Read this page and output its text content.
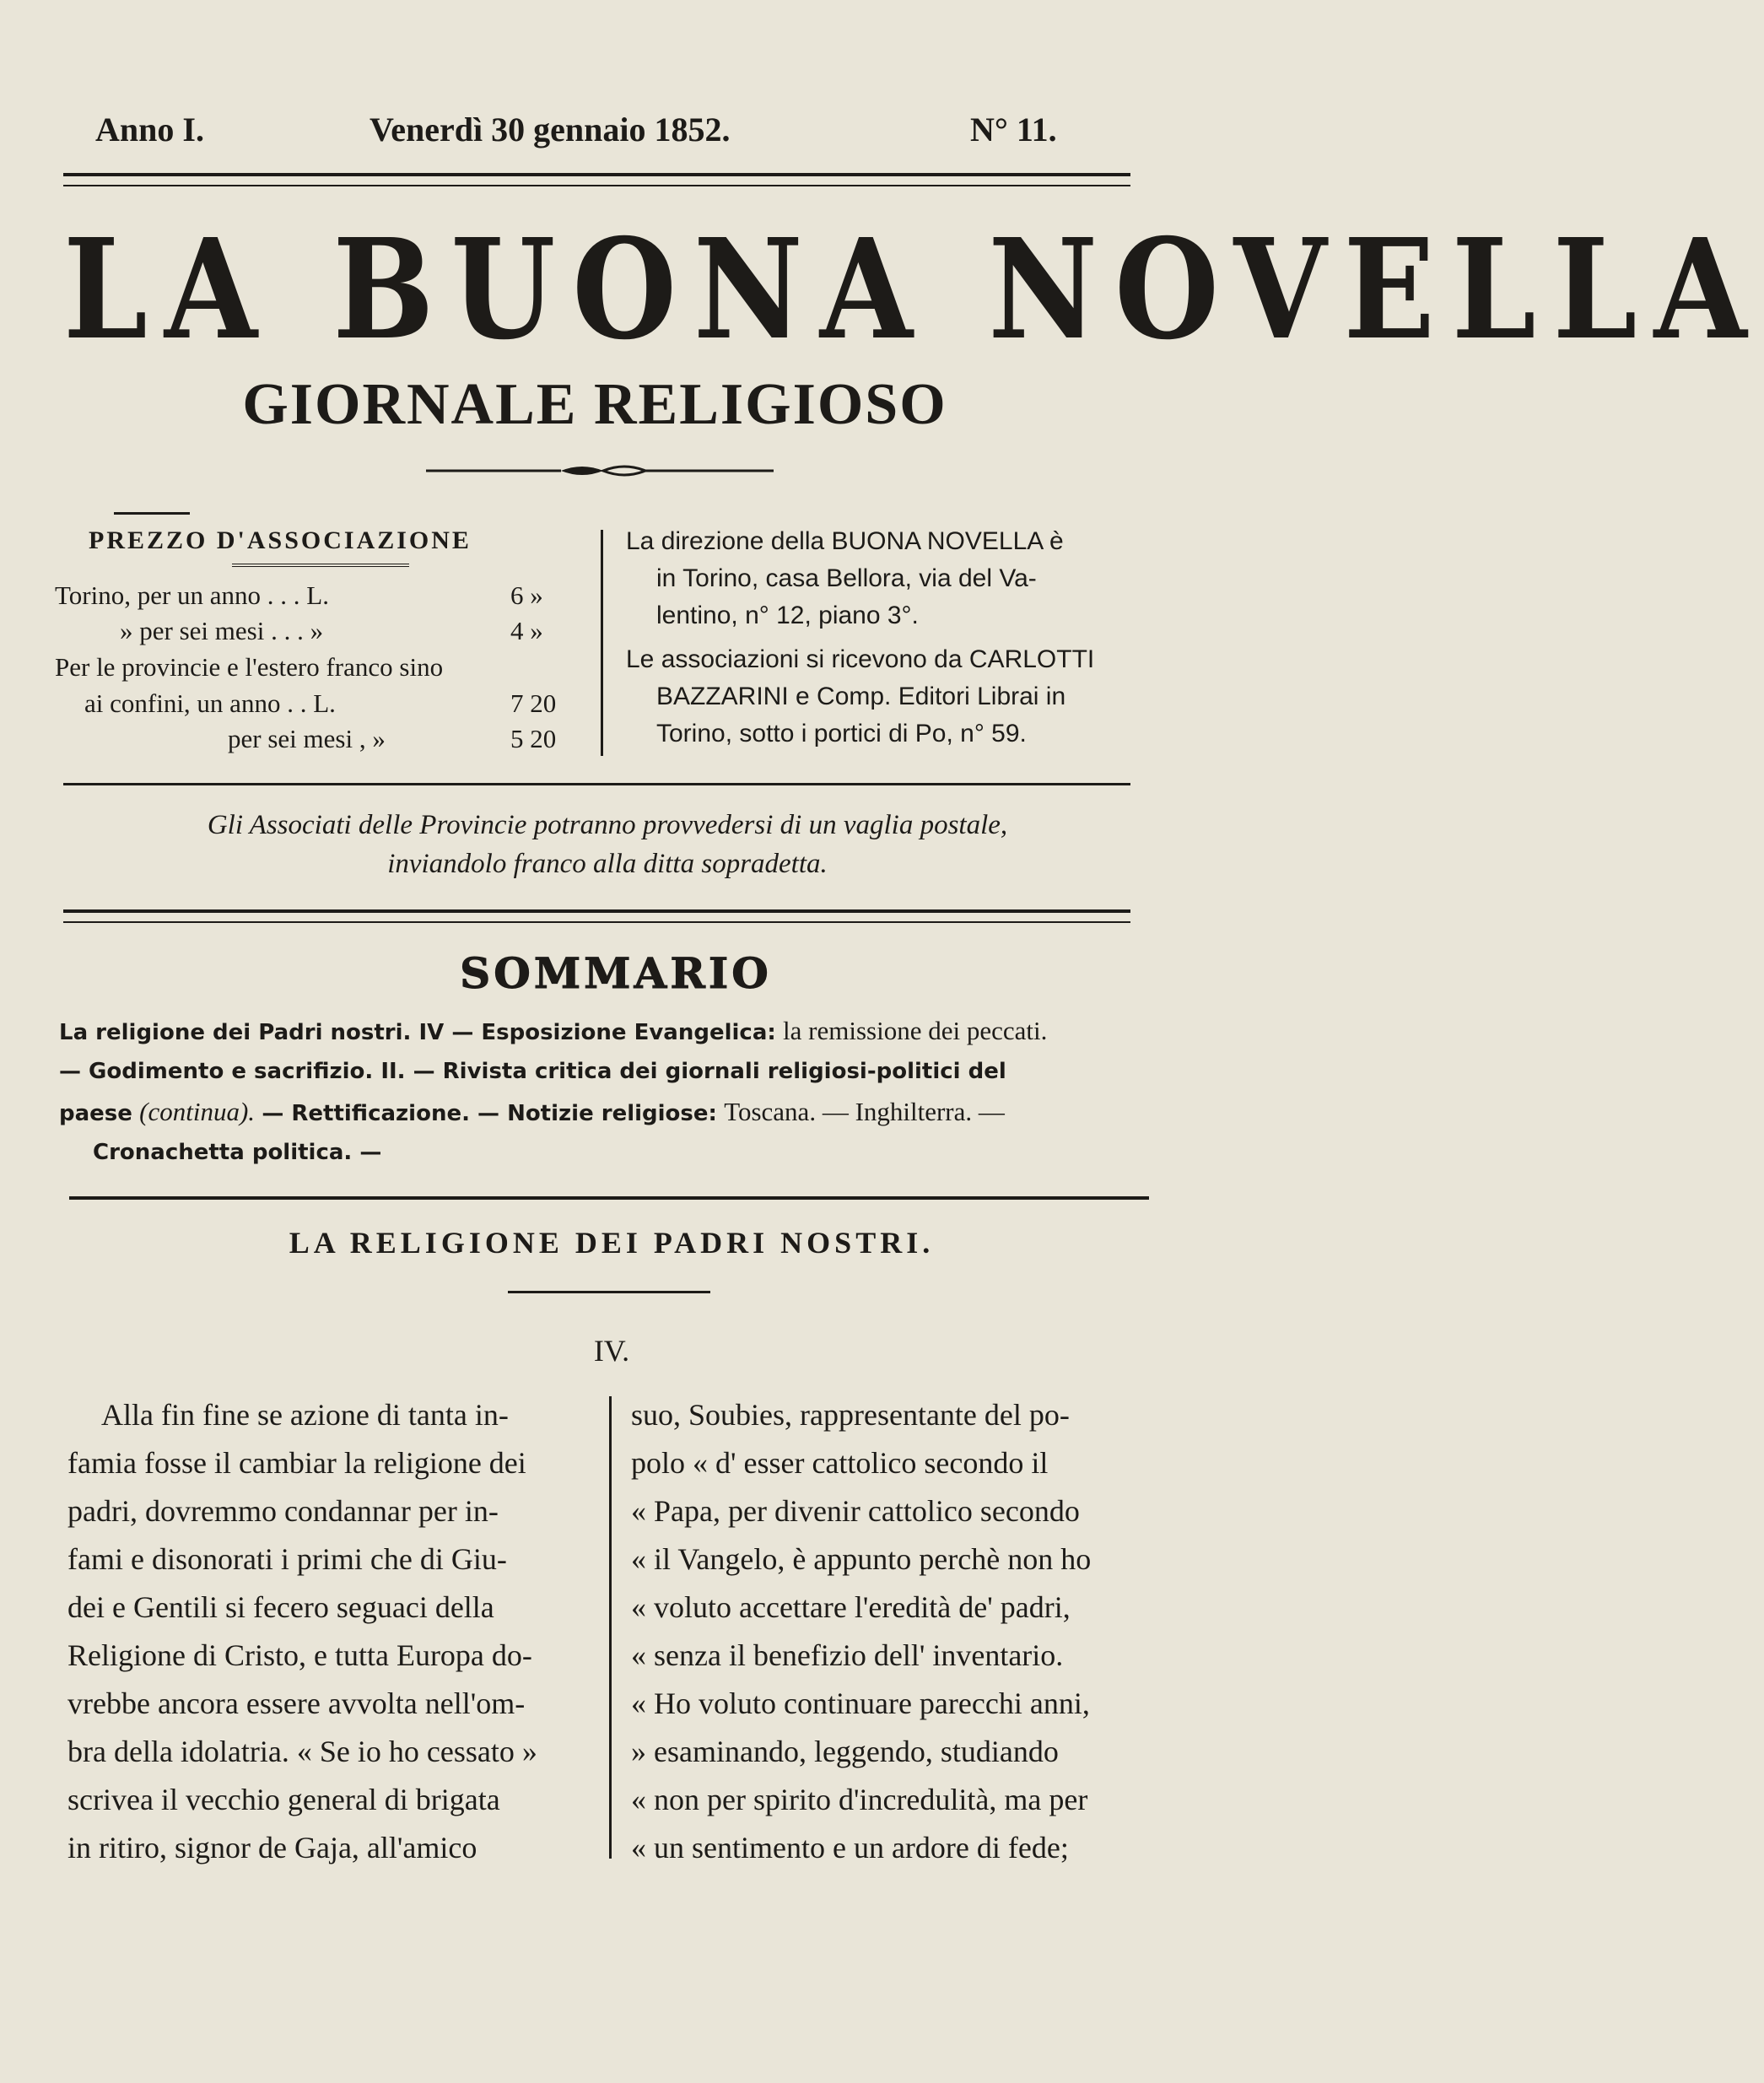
Anno I.	Venerdì 30 gennaio 1852.	N° 11.
LA BUONA NOVELLA
GIORNALE RELIGIOSO
PREZZO D'ASSOCIAZIONE
Torino, per un anno . . . L.	6 »
» per sei mesi . . . »	4 »
Per le provincie e l'estero franco sino
ai confini, un anno . . L.	7 20
per sei mesi , »	5 20
La direzione della BUONA NOVELLA è
in Torino, casa Bellora, via del Va-
lentino, n° 12, piano 3°.
Le associazioni si ricevono da CARLOTTI
BAZZARINI e Comp. Editori Librai in
Torino, sotto i portici di Po, n° 59.
Gli Associati delle Provincie potranno provvedersi di un vaglia postale,
inviandolo franco alla ditta sopradetta.
SOMMARIO
La religione dei Padri nostri. IV — Esposizione Evangelica: la remissione dei peccati.
— Godimento e sacrifizio. II. — Rivista critica dei giornali religiosi-politici del
paese (continua). — Rettificazione. — Notizie religiose: Toscana. — Inghilterra. —
Cronachetta politica. —
LA RELIGIONE DEI PADRI NOSTRI.
IV.
Alla fin fine se azione di tanta in-
famia fosse il cambiar la religione dei
padri, dovremmo condannar per in-
fami e disonorati i primi che di Giu-
dei e Gentili si fecero seguaci della
Religione di Cristo, e tutta Europa do-
vrebbe ancora essere avvolta nell'om-
bra della idolatria. « Se io ho cessato »
scrivea il vecchio general di brigata
in ritiro, signor de Gaja, all'amico
suo, Soubies, rappresentante del po-
polo « d' esser cattolico secondo il
« Papa, per divenir cattolico secondo
« il Vangelo, è appunto perchè non ho
« voluto accettare l'eredità de' padri,
« senza il benefizio dell' inventario.
« Ho voluto continuare parecchi anni,
» esaminando, leggendo, studiando
« non per spirito d'incredulità, ma per
« un sentimento e un ardore di fede;
